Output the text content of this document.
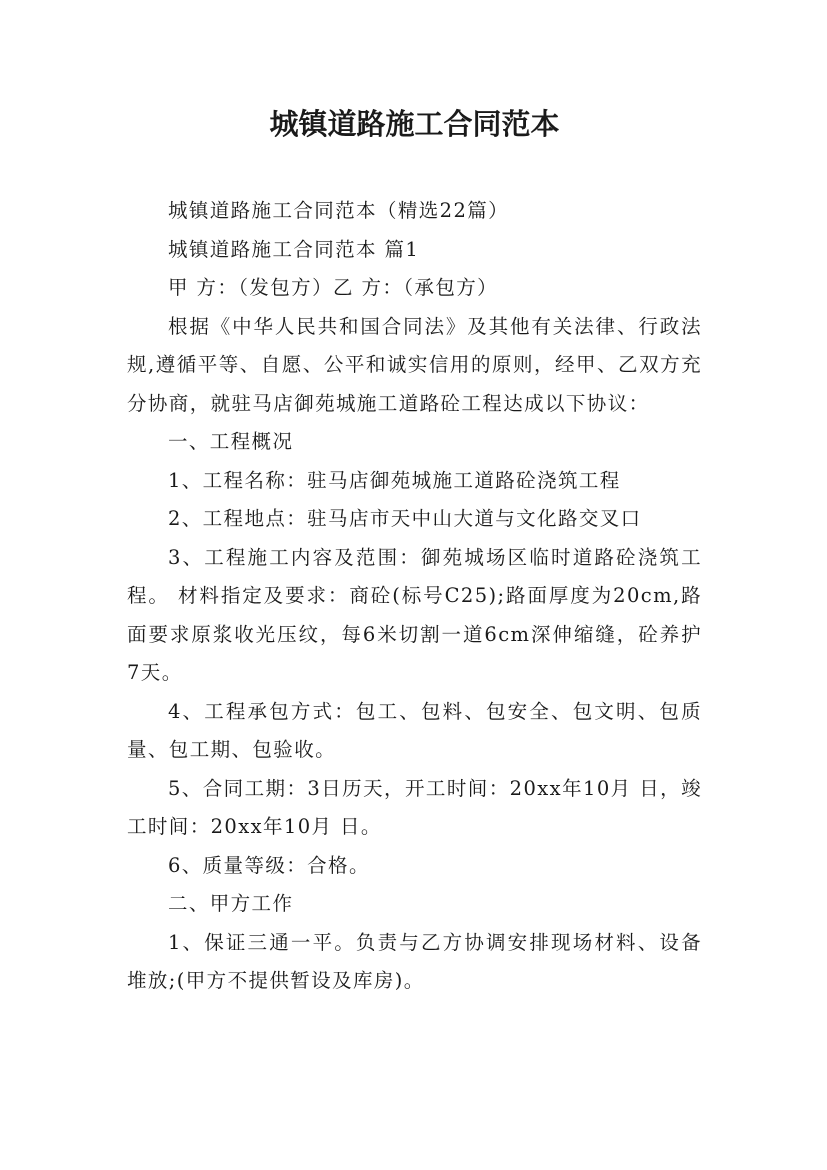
城镇道路施工合同范本

城镇道路施工合同范本（精选22篇）

城镇道路施工合同范本 篇1

甲 方：（发包方）乙 方：（承包方）

根据《中华人民共和国合同法》及其他有关法律、行政法规,遵循平等、自愿、公平和诚实信用的原则，经甲、乙双方充分协商，就驻马店御苑城施工道路砼工程达成以下协议：

一、工程概况

1、工程名称：驻马店御苑城施工道路砼浇筑工程

2、工程地点：驻马店市天中山大道与文化路交叉口

3、工程施工内容及范围：御苑城场区临时道路砼浇筑工程。 材料指定及要求：商砼(标号C25);路面厚度为20cm,路面要求原浆收光压纹，每6米切割一道6cm深伸缩缝，砼养护7天。

4、工程承包方式：包工、包料、包安全、包文明、包质量、包工期、包验收。

5、合同工期：3日历天，开工时间：20xx年10月 日，竣工时间：20xx年10月 日。

6、质量等级：合格。

二、甲方工作

1、保证三通一平。负责与乙方协调安排现场材料、设备堆放;(甲方不提供暂设及库房)。
